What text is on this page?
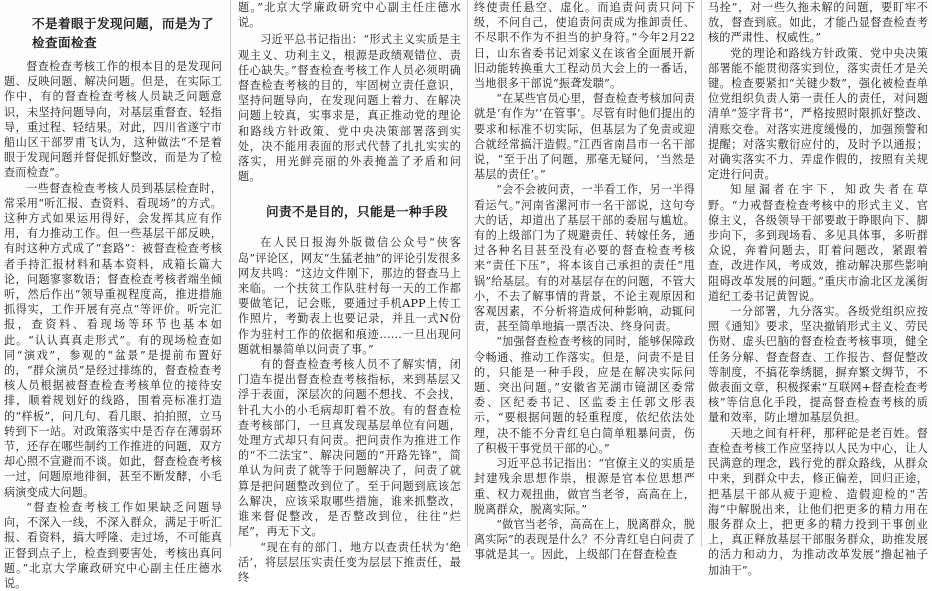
不是着眼于发现问题，而是为了检查面检查

督查检查考核工作的根本目的是发现问题、反映问题、解决问题。但是，在实际工作中，有的督查检查考核人员缺乏问题意识，未坚持问题导向，对基层重督查、轻指导，重过程、轻结果。对此，四川省遂宁市船山区干部罗甫飞认为，这种做法“不是着眼于发现问题并督促抓好整改，而是为了检查而检查”。

一些督查检查考核人员到基层检查时，常采用“听汇报、查资料、看现场”的方式。这种方式如果运用得好，会发挥其应有作用，有力推动工作。但一些基层干部反映，有时这种方式成了“套路”：被督查检查考核者手持汇报材料和基本资料，成箱长篇大论，问题寥寥数语；督查检查考核者端坐倾听，然后作出“领导重视程度高，推进措施抓得实，工作开展有亮点”等评价。听完汇报，查资料、看现场等环节也基本如此。“认认真真走形式”。有的现场检查如同“演戏”，参观的“盆景”是提前布置好的，“群众演员”是经过排练的，督查检查考核人员根据被督查检查考核单位的接待安排，顺着规划好的线路，围着亮标准打造的“样板”，问几句、看几眼、拍拍照，立马转到下一站。对政策落实中是否存在薄弱环节，还存在哪些制约工作推进的问题，双方却心照不宣避而不谈。如此，督查检查考核一过，问题原地徘徊，甚至不断发酵，小毛病演变成大问题。

“督查检查考核工作如果缺乏问题导向，不深入一线，不深入群众，满足于听汇报、看资料，搞大呼隆、走过场，不可能真正督到点子上，检查到要害处，考核出真问题。”北京大学廉政研究中心副主任庄德水说。

题。”北京大学廉政研究中心副主任庄德水说。

习近平总书记指出：“形式主义实质是主观主义、功利主义，根源是政绩观错位、责任心缺失。”督查检查考核工作人员必须明确督查检查考核的目的，牢固树立责任意识，坚持问题导向，在发现问题上着力、在解决问题上较真，实事求是，真正推动党的理论和路线方针政策、党中央决策部署落到实处，决不能用表面的形式代替了扎扎实实的落实，用光鲜亮丽的外表掩盖了矛盾和问题。

问责不是目的，只能是一种手段

在人民日报海外版微信公众号“侠客岛”评论区，网友“生猛老抽”的评论引发很多网友共鸣：“这边文件刚下，那边的督查马上来临。一个扶贫工作队驻村每一天的工作都要做笔记，记会账，要通过手机APP上传工作照片，考勤表上也要记录，并且一式N份作为驻村工作的依据和痕迹……一旦出现问题就相暴简单以问责了事。”

有的督查检查考核人员不了解实情，闭门造车提出督查检查考核指标，来到基层又浮于表面，深层次的问题不想找、不会找，针孔大小的小毛病却盯着不放。有的督查检查考核部门，一旦真发现基层单位有问题，处理方式却只有问责。把问责作为推进工作的“不二法宝”、解决问题的“开路先锋”，简单认为问责了就等于问题解决了，问责了就算是把问题整改到位了。至于问题到底该怎么解决，应该采取哪些措施，谁来抓整改，谁来督促整改，是否整改到位，往往“烂尾”，再无下文。

“现在有的部门、地方以查责任状为‘绝活’，将层层压实责任变为层层下推责任，最终

终使责任悬空、虚化。而追责问责只问下级，不问自己，使追责问责成为推卸责任、不尽职不作为不担当的护身符。”今年2月22日，山东省委书记刘家义在该省全面展开新旧动能转换重大工程动员大会上的一番话，当地很多干部说“振聋发聩”。

“在某些官员心里，督查检查考核加问责就是‘有作为’‘在管事’。尽管有时他们提出的要求和标准不切实际，但基层为了免责或迎合就经常搞汗造假。”江西省南昌市一名干部说，“至于出了问题，那毫无疑问，‘当然是基层的责任’。”

“会不会被问责，一半看工作，另一半得看运气。”河南省漯河市一名干部说，这句夸大的话，却道出了基层干部的委屈与尴尬。有的上级部门为了规避责任、转嫁任务，通过各种名目甚至没有必要的督查检查考核来“责任下压”，将本该自己承担的责任“甩锅”给基层。有的对基层存在的问题，不管大小，不去了解事情的背景，不论主观原因和客观因素，不分析将造成何种影响，动辄问责，甚至简单地搞一票否决、终身问责。

“加强督查检查考核的同时，能够保障政令畅通、推动工作落实。但是，问责不是目的，只能是一种手段，应是在解决实际问题、突出问题。”安徽省芜湖市镜湖区委常委、区纪委书记、区监委主任郭文彤表示，“要根据问题的轻重程度，依纪依法处理，决不能不分青红皂白简单粗暴问责，伤了积极干事党员干部的心。”

习近平总书记指出：“官僚主义的实质是封建残余思想作祟，根源是官本位思想严重、权力观扭曲，做官当老爷，高高在上，脱离群众，脱离实际。”

“做官当老爷，高高在上，脱离群众，脱离实际”的表现是什么？不分青红皂白问责了事就是其一。因此，上级部门在督查检查

马拴”，对一些久拖未解的问题，要盯牢不放，督查到底。如此，才能凸显督查检查考核的严肃性、权威性。”

党的理论和路线方针政策、党中央决策部署能不能贯彻落实到位，落实责任才是关键。检查要紧扣“关键少数”，强化被检查单位党组织负责人第一责任人的责任，对问题清单“签字背书”，严格按照时限抓好整改、清账交卷。对落实进度缓慢的，加强预警和提醒；对落实敷衍应付的，及时予以通报；对确实落实不力、弄虚作假的，按照有关规定进行问责。

知屋漏者在宇下，知政失者在草野。“力戒督查检查考核中的形式主义、官僚主义，各级领导干部要敢于睁眼向下、脚步向下，多到现场看、多见具体事，多听群众说，奔着问题去，盯着问题改，紧跟着查，改进作风，考成效，推动解决那些影响阻碍改革发展的问题。”重庆市渝北区龙溪街道纪工委书记黄智说。

一分部署，九分落实。各级党组织应按照《通知》要求，坚决撤销形式主义、劳民伤财、虚头巴脑的督查检查考核事项，健全任务分解、督查督查、工作报告、督促整改等制度，不搞花拳绣腿，摒弃繁文缛节，不做表面文章，积极探索“互联网+督查检查考核”等信息化手段，提高督查检查考核的质量和效率，防止增加基层负担。

天地之间有杆秤，那秤砣是老百姓。督查检查考核工作应坚持以人民为中心，让人民满意的理念，践行党的群众路线，从群众中来，到群众中去，修正偏差，回归正途，把基层干部从疲于迎检、造假迎检的“苦海”中解脱出来，让他们把更多的精力用在服务群众上，把更多的精力投到干事创业上，真正释放基层干部服务群众，助推发展的活力和动力，为推动改革发展“撸起袖子加油干”。
